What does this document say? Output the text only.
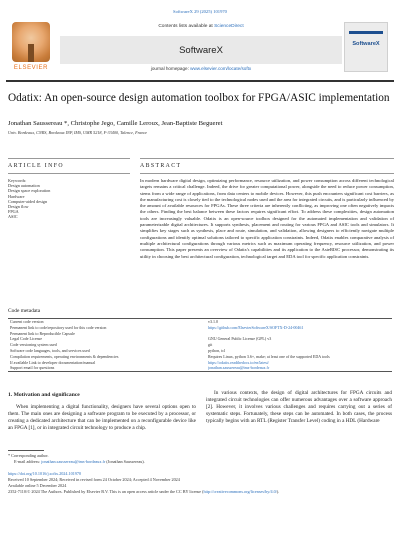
SoftwareX 29 (2025) 101970
ELSEVIER
Contents lists available at ScienceDirect
SoftwareX
journal homepage: www.elsevier.com/locate/softx
SoftwareX
Odatix: An open-source design automation toolbox for FPGA/ASIC implementation
Jonathan Saussereau *, Christophe Jego, Camille Leroux, Jean-Baptiste Begueret
Univ. Bordeaux, CNRS, Bordeaux INP, IMS, UMR 5218, F-33400, Talence, France
ARTICLE INFO	ABSTRACT
Keywords:
Design automation
Design space exploration
Hardware
Computer-aided design
Design flow
FPGA
ASIC
In modern hardware digital design, optimizing performance, resource utilization, and power consumption across different technological targets remains a critical challenge. Indeed, the drive for greater computational power, alongside the need to reduce power consumption, stems from a wide range of applications, from data centers to mobile devices. However, this push encounters significant cost barriers, as the manufacturing cost is closely tied to the technological nodes used and the area for integrated circuits, and is particularly influenced by the amount of available resources for FPGAs. These three criteria are inherently conflicting, as improving one often negatively impacts the others. Finding the best balance between these factors requires significant effort. To address these complexities, design automation tools are increasingly valuable. Odatix is an open-source toolbox designed for the automated implementation and validation of parameterizable digital architectures. It supports synthesis, placement and routing for various FPGA and ASIC tools and simulators. It simplifies key stages such as synthesis, place and route, simulation, and validation, allowing designers to efficiently navigate multiple configurations and identify optimal solutions tailored to specific application constraints. Indeed, Odatix enables comparative analysis of multiple architectural configurations through various metrics such as maximum operating frequency, resource utilization, and power consumption. This paper presents an overview of Odatix's capabilities and its application to the AsteRISC processor, demonstrating its utility in choosing the best architectural configuration, technological target and EDA tool for specific application constraints.
Code metadata
Current code version	v3.1.0
Permanent link to code/repository used for this code version	https://github.com/ElsevierSoftwareX/SOFTX-D-24-00461
Permanent link to Reproducible Capsule
Legal Code License	GNU General Public License (GPL) v3
Code versioning system used	git
Software code languages, tools, and services used	python, tcl
Compilation requirements, operating environments & dependencies	Requires Linux, python 3.6+, make; at least one of the supported EDA tools
If available Link to developer documentation/manual	https://odatix.readthedocs.io/en/latest/
Support email for questions	jonathan.saussereau@ims-bordeaux.fr
1. Motivation and significance
When implementing a digital functionality, designers have several options open to them. The main ones are designing a software program to be executed by a processor, or creating a dedicated architecture that can be implemented on a reconfigurable device like an FPGA [1], or in integrated circuit technology to produce a chip.
In various contexts, the design of digital architectures for FPGA circuits and integrated circuit technologies can offer numerous advantages over a software approach [2]. However, it involves various challenges and requires carrying out a series of systematic steps. Fortunately, these steps can be automated. In both cases, the process typically begins with an RTL (Register Transfer Level) coding in a HDL (Hardware
* Corresponding author.
E-mail address: jonathan.saussereau@ims-bordeaux.fr (Jonathan Saussereau).
https://doi.org/10.1016/j.softx.2024.101970
Received 10 September 2024; Received in revised form 24 October 2024; Accepted 4 November 2024
Available online 5 December 2024
2352-7110/© 2024 The Authors. Published by Elsevier B.V. This is an open access article under the CC BY license (http://creativecommons.org/licenses/by/4.0/).
